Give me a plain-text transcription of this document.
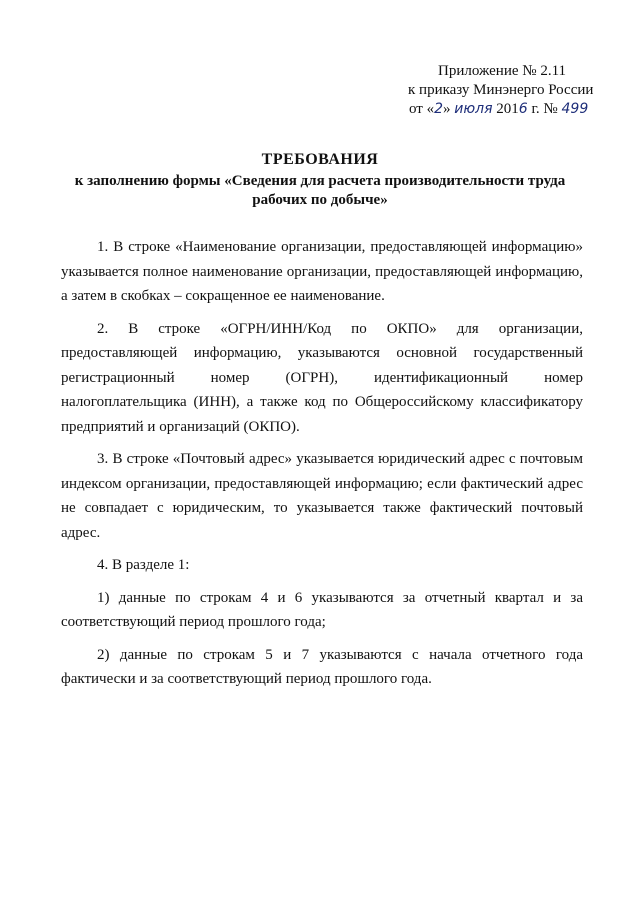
Приложение № 2.11
к приказу Минэнерго России
от «2» июля 2016 г. № 499
ТРЕБОВАНИЯ
к заполнению формы «Сведения для расчета производительности труда
рабочих по добыче»

1. В строке «Наименование организации, предоставляющей информацию» указывается полное наименование организации, предоставляющей информацию, а затем в скобках – сокращенное ее наименование.

2. В строке «ОГРН/ИНН/Код по ОКПО» для организации, предоставляющей информацию, указываются основной государственный регистрационный номер (ОГРН), идентификационный номер налогоплательщика (ИНН), а также код по Общероссийскому классификатору предприятий и организаций (ОКПО).

3. В строке «Почтовый адрес» указывается юридический адрес с почтовым индексом организации, предоставляющей информацию; если фактический адрес не совпадает с юридическим, то указывается также фактический почтовый адрес.

4. В разделе 1:

1) данные по строкам 4 и 6 указываются за отчетный квартал и за соответствующий период прошлого года;

2) данные по строкам 5 и 7 указываются с начала отчетного года фактически и за соответствующий период прошлого года.
